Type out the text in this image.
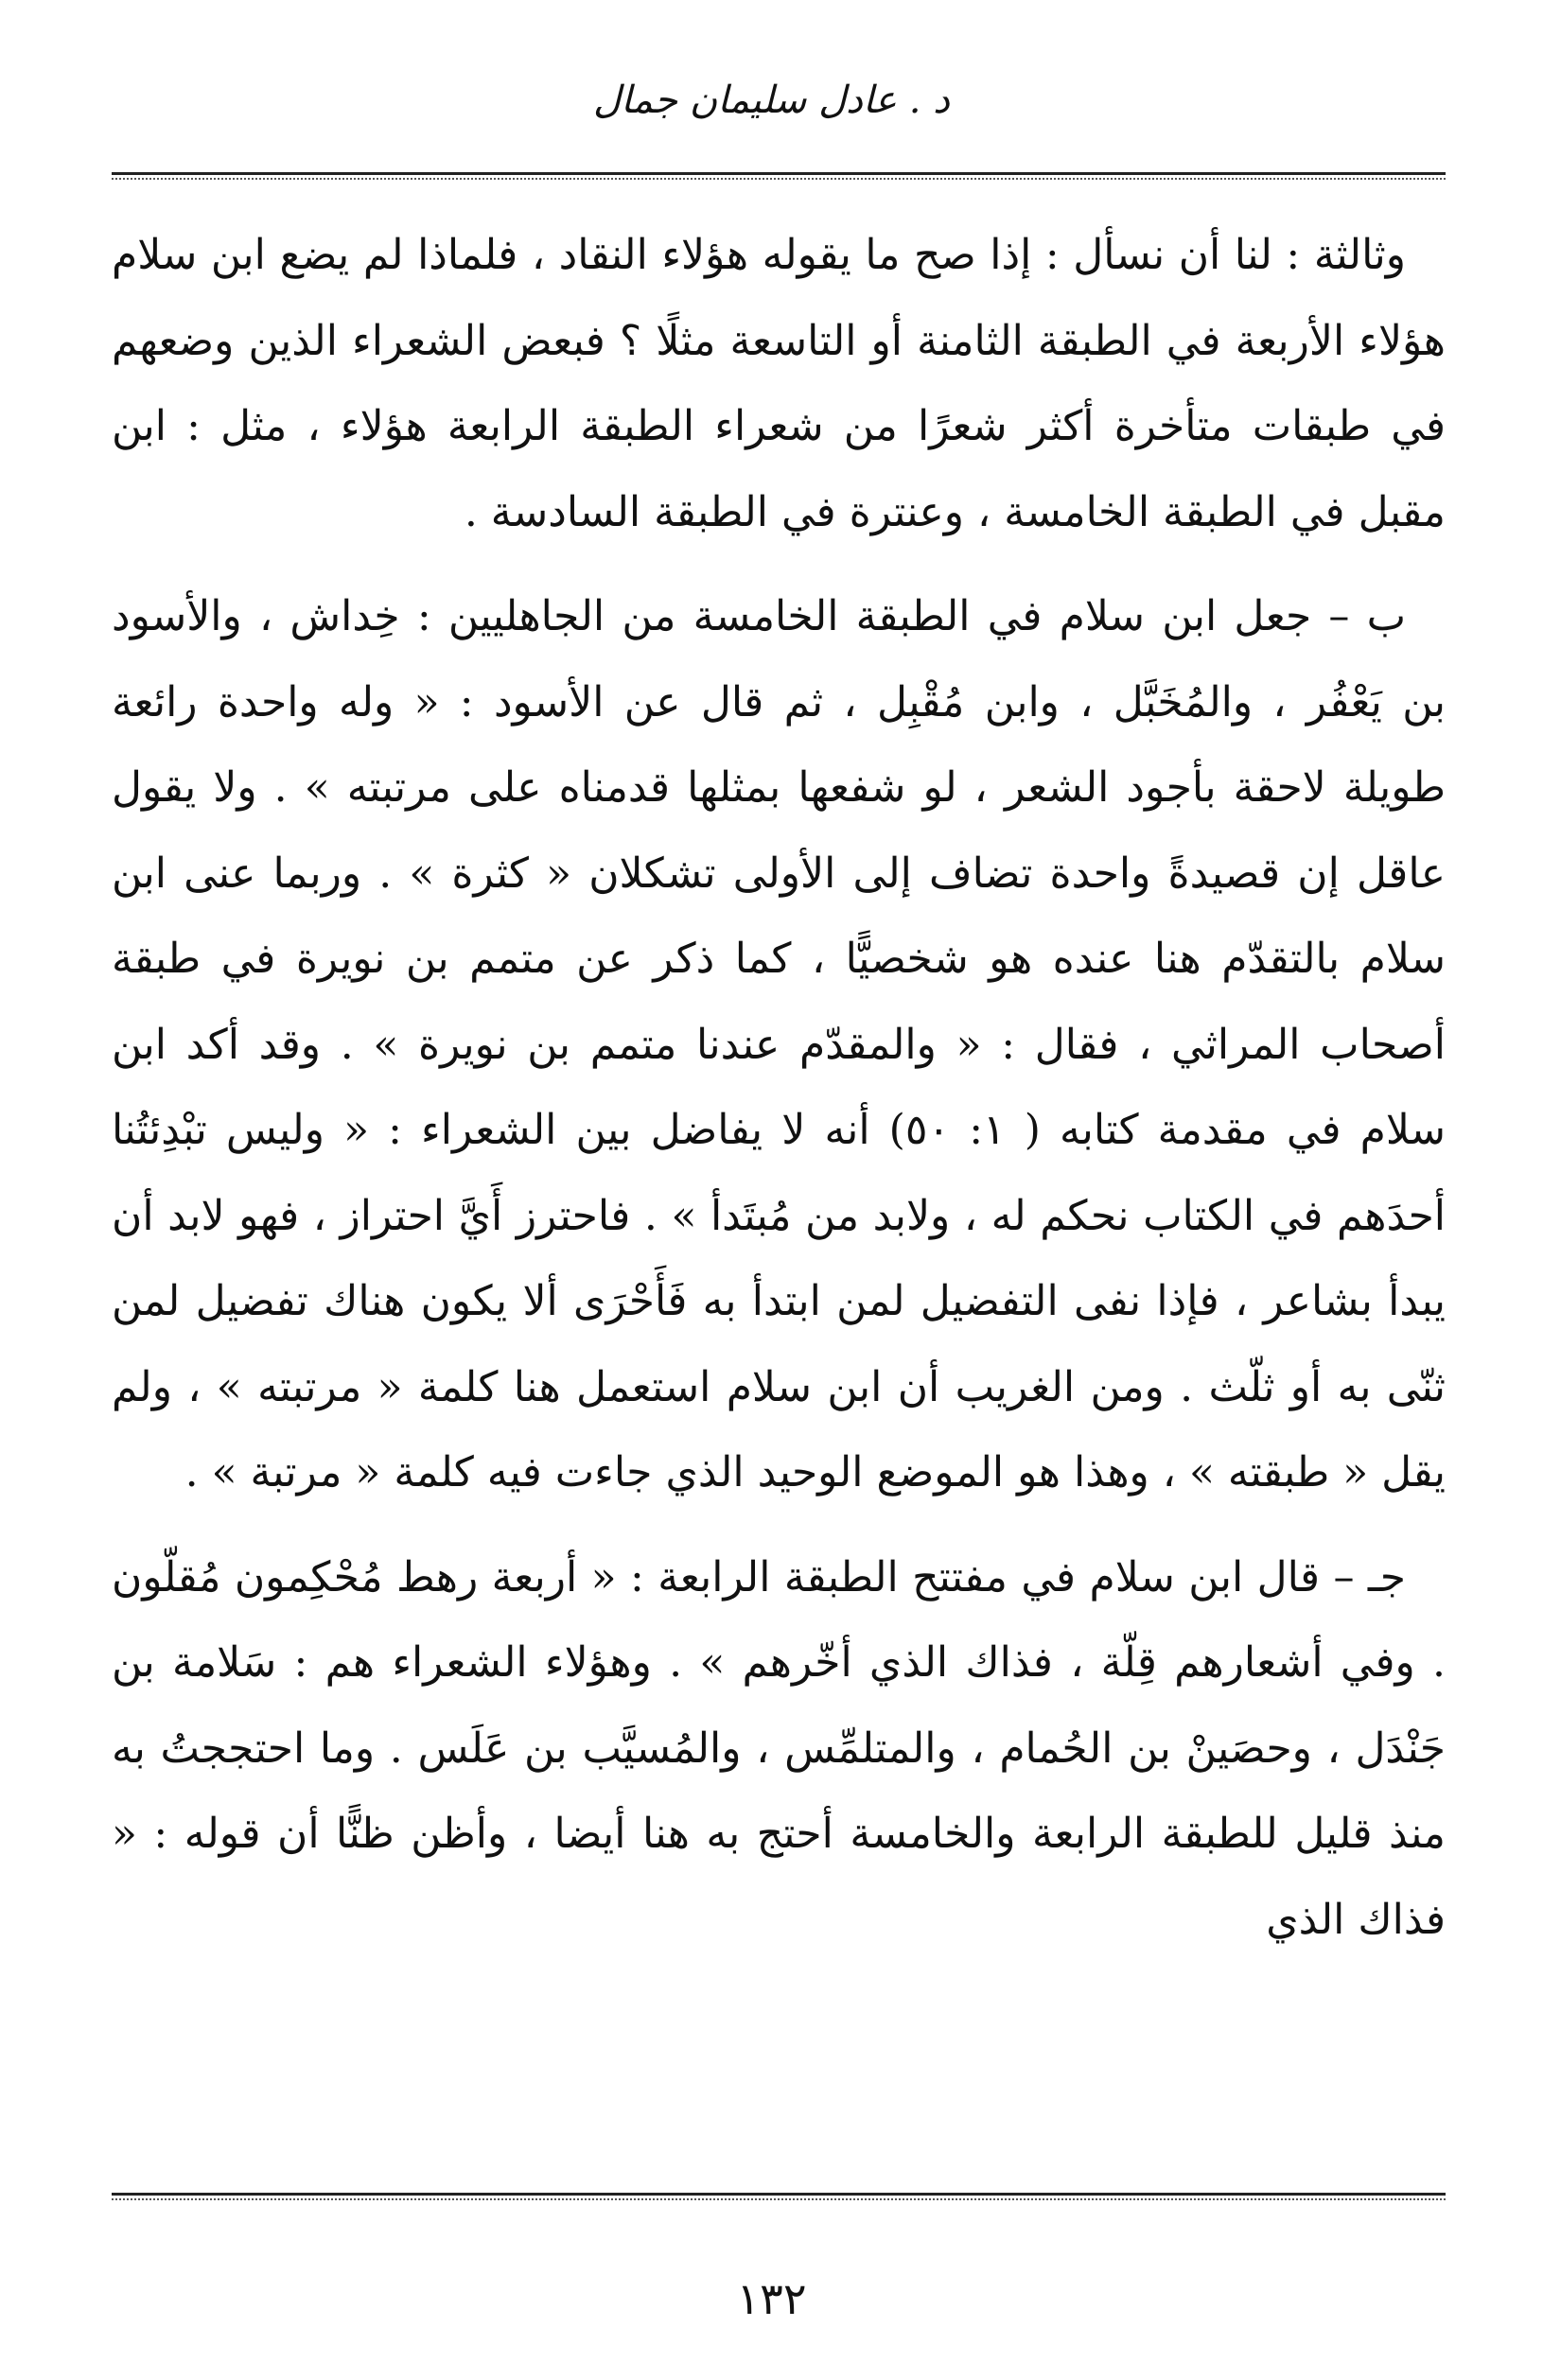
د . عادل سليمان جمال

وثالثة : لنا أن نسأل : إذا صح ما يقوله هؤلاء النقاد ، فلماذا لم يضع ابن سلام هؤلاء الأربعة في الطبقة الثامنة أو التاسعة مثلًا ؟ فبعض الشعراء الذين وضعهم في طبقات متأخرة أكثر شعرًا من شعراء الطبقة الرابعة هؤلاء ، مثل : ابن مقبل في الطبقة الخامسة ، وعنترة في الطبقة السادسة .

ب – جعل ابن سلام في الطبقة الخامسة من الجاهليين : خِداش ، والأسود بن يَعْفُر ، والمُخَبَّل ، وابن مُقْبِل ، ثم قال عن الأسود : « وله واحدة رائعة طويلة لاحقة بأجود الشعر ، لو شفعها بمثلها قدمناه على مرتبته » . ولا يقول عاقل إن قصيدةً واحدة تضاف إلى الأولى تشكلان « كثرة » . وربما عنى ابن سلام بالتقدّم هنا عنده هو شخصيًّا ، كما ذكر عن متمم بن نويرة في طبقة أصحاب المراثي ، فقال : « والمقدّم عندنا متمم بن نويرة » . وقد أكد ابن سلام في مقدمة كتابه ( ١: ٥٠) أنه لا يفاضل بين الشعراء : « وليس تبْدِئتُنا أحدَهم في الكتاب نحكم له ، ولابد من مُبتَدأ » . فاحترز أَيَّ احتراز ، فهو لابد أن يبدأ بشاعر ، فإذا نفى التفضيل لمن ابتدأ به فَأَحْرَى ألا يكون هناك تفضيل لمن ثنّى به أو ثلّث . ومن الغريب أن ابن سلام استعمل هنا كلمة « مرتبته » ، ولم يقل « طبقته » ، وهذا هو الموضع الوحيد الذي جاءت فيه كلمة « مرتبة » .

جـ – قال ابن سلام في مفتتح الطبقة الرابعة : « أربعة رهط مُحْكِمون مُقلّون . وفي أشعارهم قِلّة ، فذاك الذي أخّرهم » . وهؤلاء الشعراء هم : سَلامة بن جَنْدَل ، وحصَينْ بن الحُمام ، والمتلمِّس ، والمُسيَّب بن عَلَس . وما احتججتُ به منذ قليل للطبقة الرابعة والخامسة أحتج به هنا أيضا ، وأظن ظنًّا أن قوله : « فذاك الذي

١٣٢
